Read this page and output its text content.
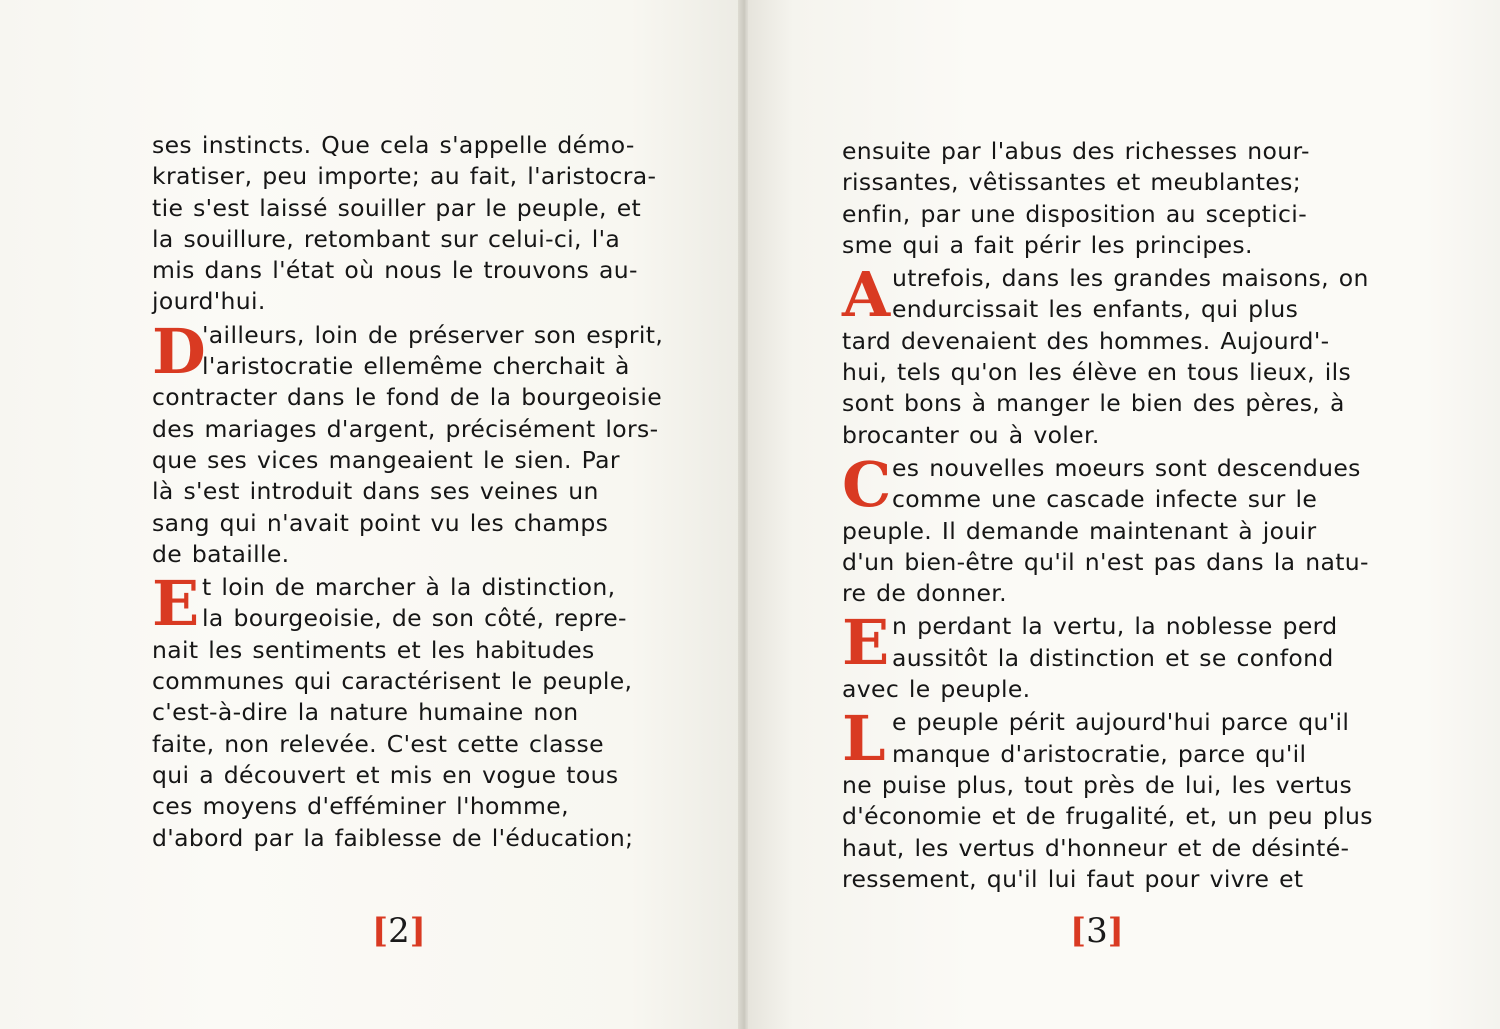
ses instincts. Que cela s'appelle démo-
kratiser, peu importe; au fait, l'aristocra-
tie s'est laissé souiller par le peuple, et
la souillure, retombant sur celui-ci, l'a
mis dans l'état où nous le trouvons au-
jourd'hui.
D
'ailleurs, loin de préserver son esprit,
l'aristocratie ellemême cherchait à
contracter dans le fond de la bourgeoisie
des mariages d'argent, précisément lors-
que ses vices mangeaient le sien. Par
là s'est introduit dans ses veines un
sang qui n'avait point vu les champs
de bataille.
E t loin de marcher à la distinction,
la bourgeoisie, de son côté, repre-
nait les sentiments et les habitudes
communes qui caractérisent le peuple,
c'est-à-dire la nature humaine non
faite, non relevée. C'est cette classe
qui a découvert et mis en vogue tous
ces moyens d'efféminer l'homme,
d'abord par la faiblesse de l'éducation;
[2]
ensuite par l'abus des richesses nour-
rissantes, vêtissantes et meublantes;
enfin, par une disposition au sceptici-
sme qui a fait périr les principes.
A utrefois, dans les grandes maisons, on
endurcissait les enfants, qui plus
tard devenaient des hommes. Aujourd'-
hui, tels qu'on les élève en tous lieux, ils
sont bons à manger le bien des pères, à
brocanter ou à voler.
C es nouvelles moeurs sont descendues
comme une cascade infecte sur le
peuple. Il demande maintenant à jouir
d'un bien-être qu'il n'est pas dans la natu-
re de donner.
E n perdant la vertu, la noblesse perd
aussitôt la distinction et se confond
avec le peuple.
L e peuple périt aujourd'hui parce qu'il
manque d'aristocratie, parce qu'il
ne puise plus, tout près de lui, les vertus
d'économie et de frugalité, et, un peu plus
haut, les vertus d'honneur et de désinté-
ressement, qu'il lui faut pour vivre et
[3]
